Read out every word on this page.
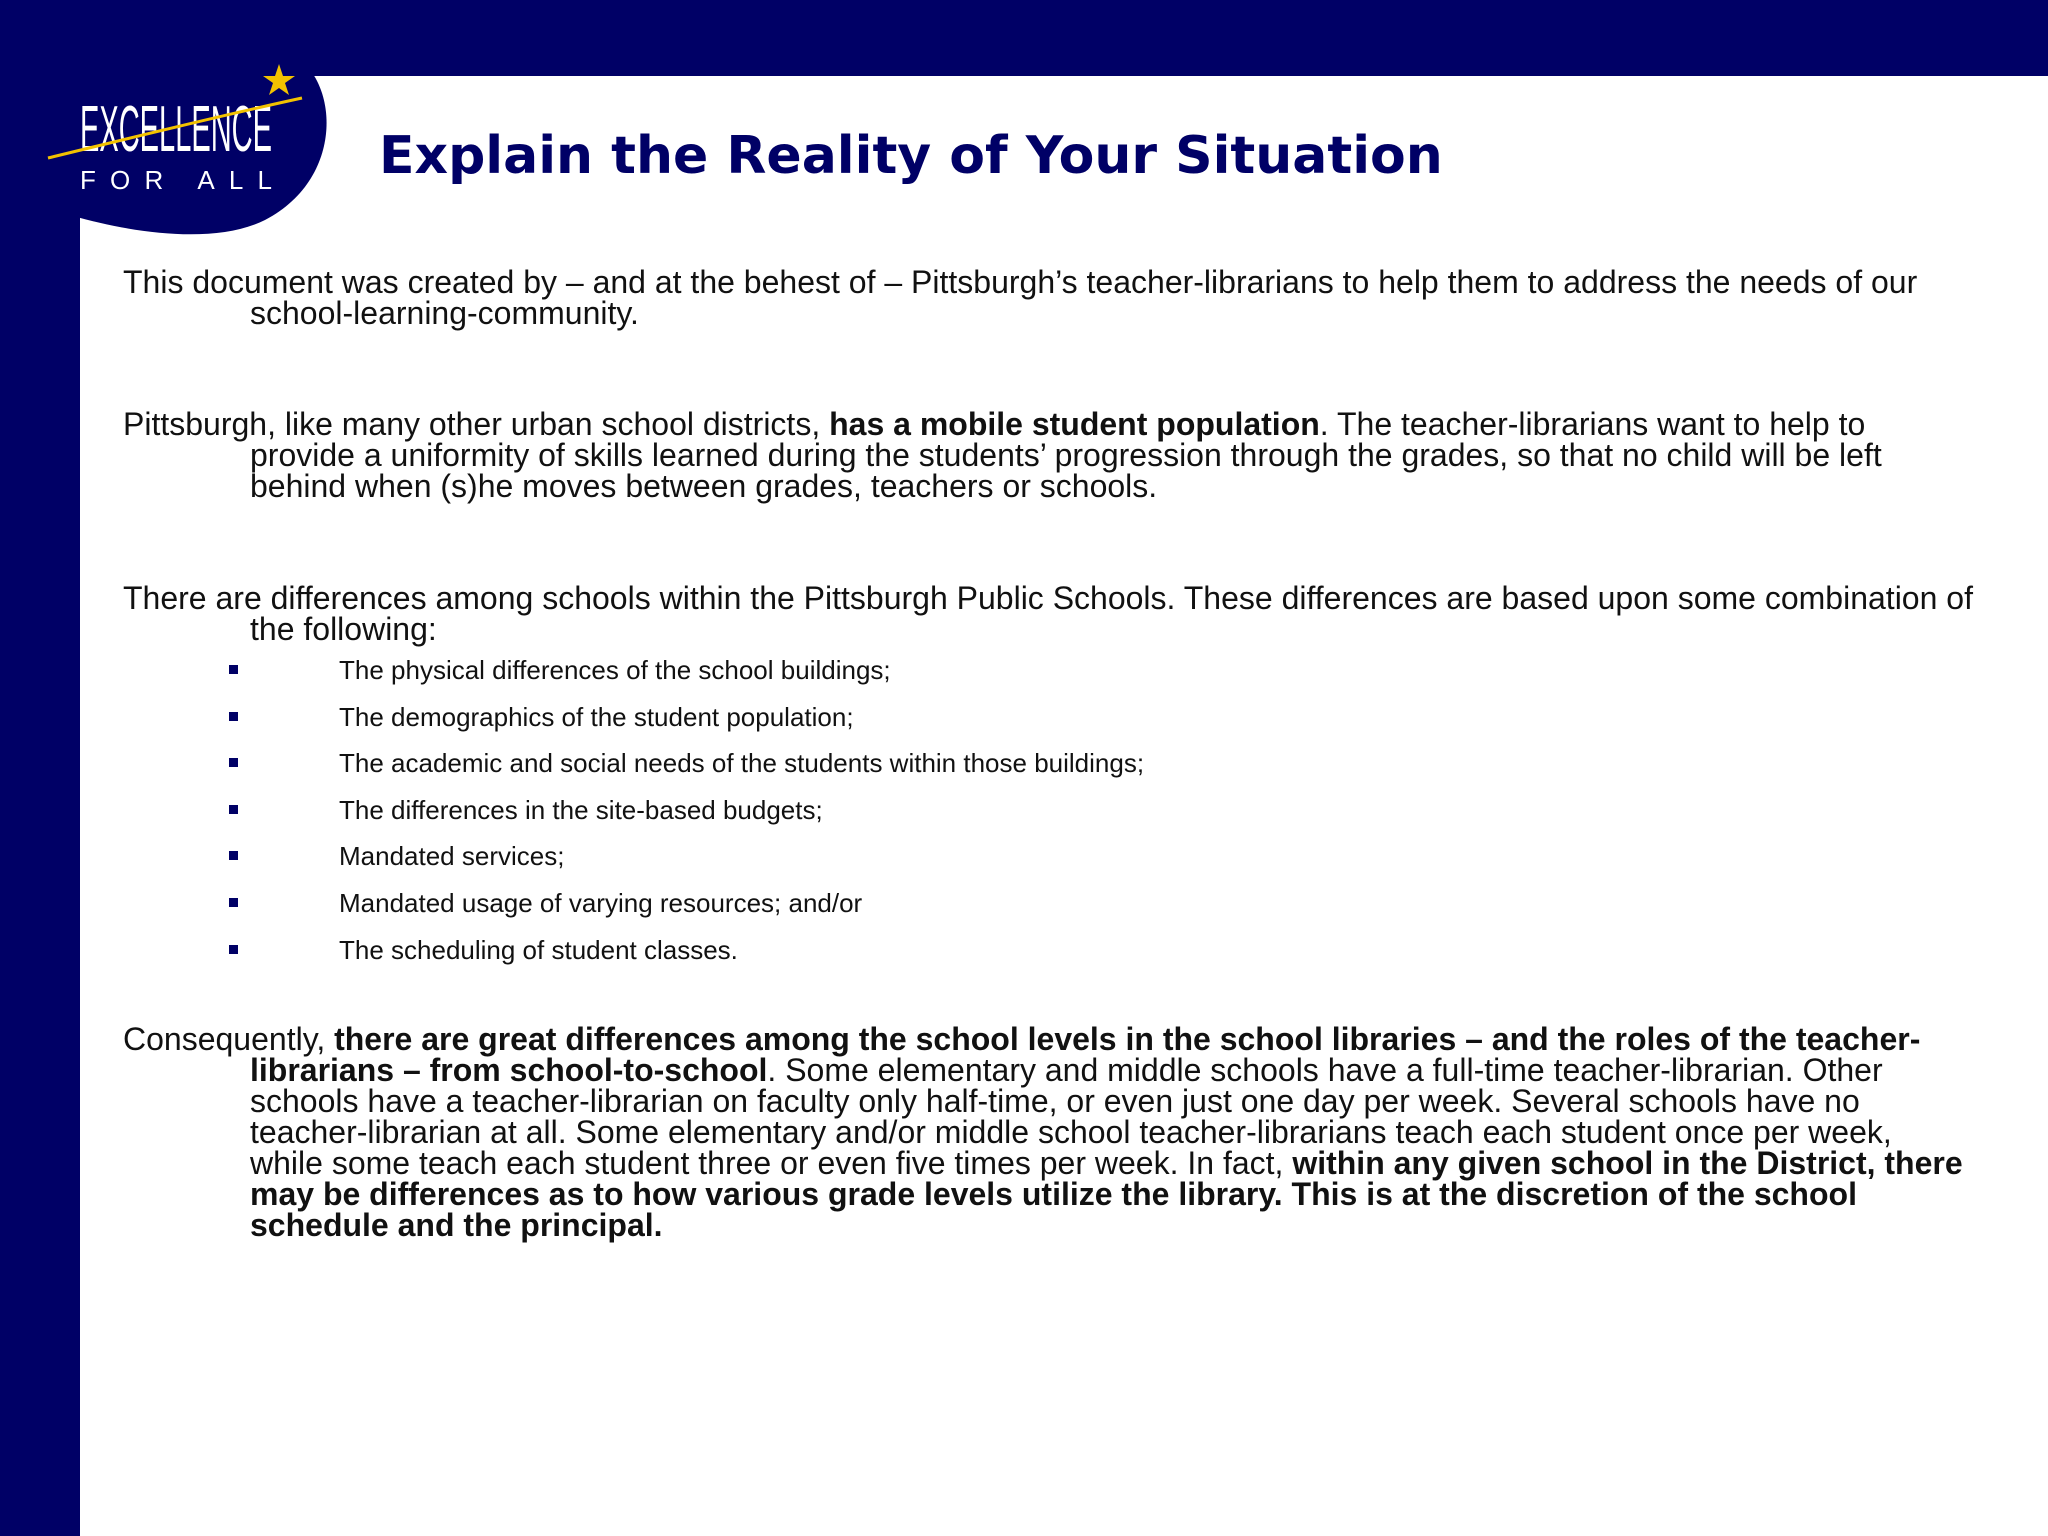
EXCELLENCE
FOR ALL Explain the Reality of Your Situation

This document was created by – and at the behest of – Pittsburgh’s teacher-librarians to help them to address the needs of our school-learning-community.

Pittsburgh, like many other urban school districts, has a mobile student population. The teacher-librarians want to help to provide a uniformity of skills learned during the students’ progression through the grades, so that no child will be left behind when (s)he moves between grades, teachers or schools.

There are differences among schools within the Pittsburgh Public Schools. These differences are based upon some combination of the following:

The physical differences of the school buildings;
The demographics of the student population;
The academic and social needs of the students within those buildings;
The differences in the site-based budgets;
Mandated services;
Mandated usage of varying resources; and/or
The scheduling of student classes.

Consequently, there are great differences among the school levels in the school libraries – and the roles of the teacher-librarians – from school-to-school. Some elementary and middle schools have a full-time teacher-librarian. Other schools have a teacher-librarian on faculty only half-time, or even just one day per week. Several schools have no teacher-librarian at all. Some elementary and/or middle school teacher-librarians teach each student once per week, while some teach each student three or even five times per week. In fact, within any given school in the District, there may be differences as to how various grade levels utilize the library. This is at the discretion of the school schedule and the principal.
